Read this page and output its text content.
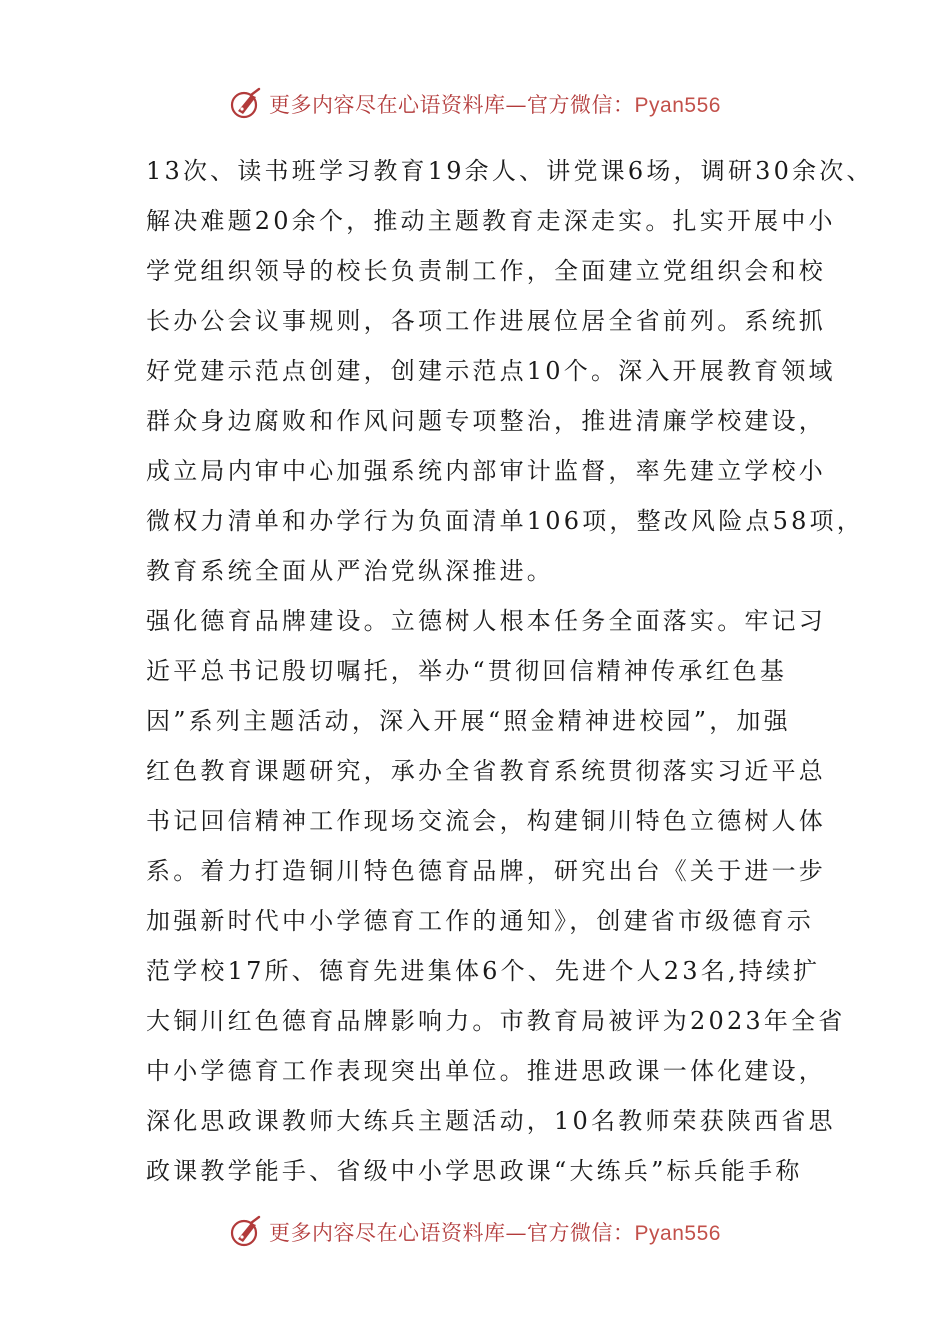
更多内容尽在心语资料库—官方微信：Pyan556
13次、读书班学习教育19余人、讲党课6场，调研30余次、
解决难题20余个，推动主题教育走深走实。扎实开展中小
学党组织领导的校长负责制工作，全面建立党组织会和校
长办公会议事规则，各项工作进展位居全省前列。系统抓
好党建示范点创建，创建示范点10个。深入开展教育领域
群众身边腐败和作风问题专项整治，推进清廉学校建设，
成立局内审中心加强系统内部审计监督，率先建立学校小
微权力清单和办学行为负面清单106项，整改风险点58项，
教育系统全面从严治党纵深推进。
强化德育品牌建设。立德树人根本任务全面落实。牢记习
近平总书记殷切嘱托，举办“贯彻回信精神传承红色基
因”系列主题活动，深入开展“照金精神进校园”，加强
红色教育课题研究，承办全省教育系统贯彻落实习近平总
书记回信精神工作现场交流会，构建铜川特色立德树人体
系。着力打造铜川特色德育品牌，研究出台《关于进一步
加强新时代中小学德育工作的通知》，创建省市级德育示
范学校17所、德育先进集体6个、先进个人23名,持续扩
大铜川红色德育品牌影响力。市教育局被评为2023年全省
中小学德育工作表现突出单位。推进思政课一体化建设，
深化思政课教师大练兵主题活动，10名教师荣获陕西省思
政课教学能手、省级中小学思政课“大练兵”标兵能手称
更多内容尽在心语资料库—官方微信：Pyan556
